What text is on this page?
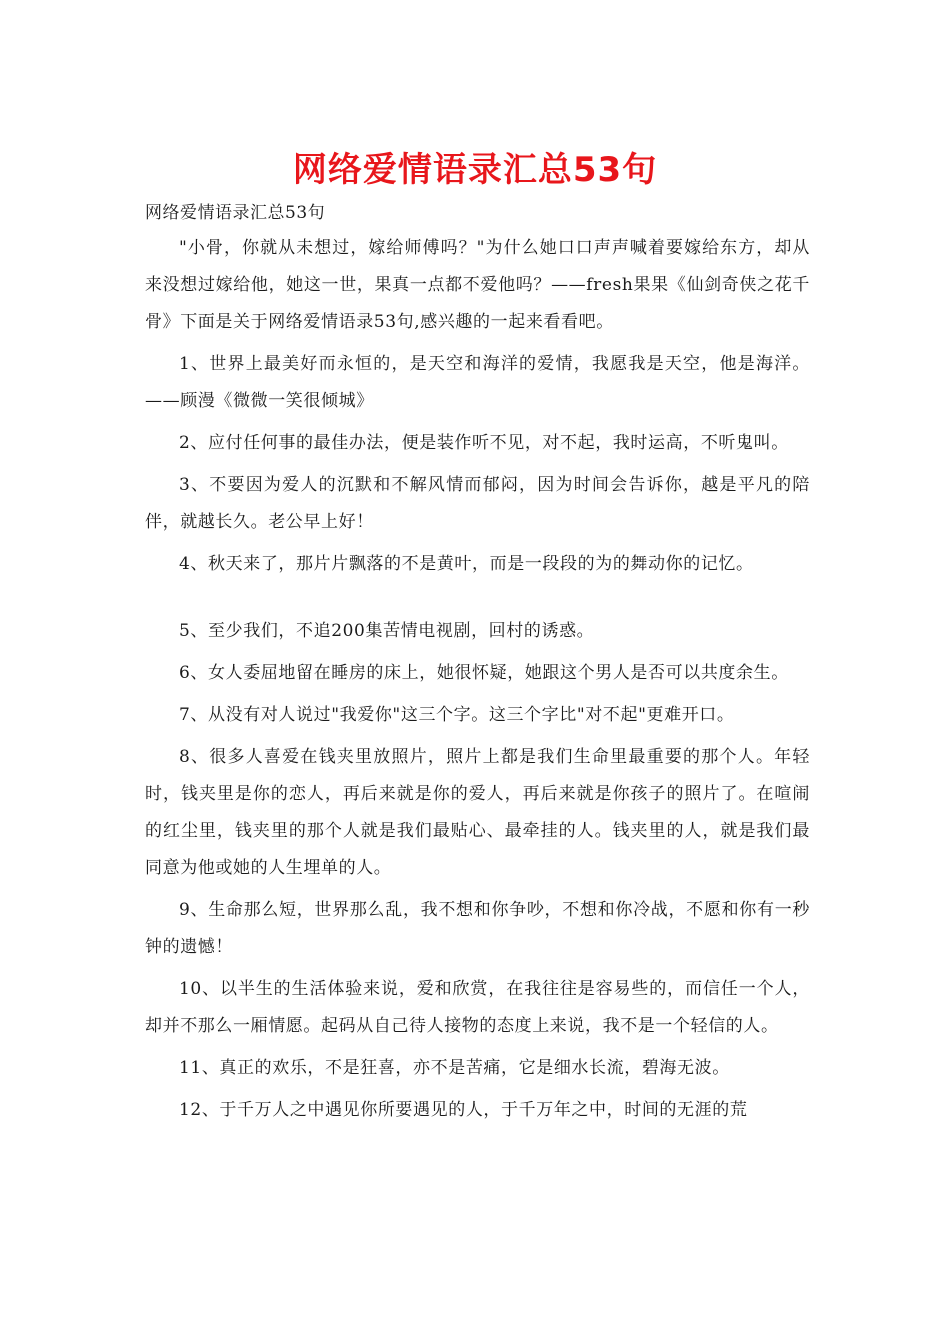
网络爱情语录汇总53句

网络爱情语录汇总53句

"小骨，你就从未想过，嫁给师傅吗？"为什么她口口声声喊着要嫁给东方，却从来没想过嫁给他，她这一世，果真一点都不爱他吗？——fresh果果《仙剑奇侠之花千骨》下面是关于网络爱情语录53句,感兴趣的一起来看看吧。

1、世界上最美好而永恒的，是天空和海洋的爱情，我愿我是天空，他是海洋。——顾漫《微微一笑很倾城》

2、应付任何事的最佳办法，便是装作听不见，对不起，我时运高，不听鬼叫。

3、不要因为爱人的沉默和不解风情而郁闷，因为时间会告诉你，越是平凡的陪伴，就越长久。老公早上好！

4、秋天来了，那片片飘落的不是黄叶，而是一段段的为的舞动你的记忆。

5、至少我们，不追200集苦情电视剧，回村的诱惑。

6、女人委屈地留在睡房的床上，她很怀疑，她跟这个男人是否可以共度余生。

7、从没有对人说过"我爱你"这三个字。这三个字比"对不起"更难开口。

8、很多人喜爱在钱夹里放照片，照片上都是我们生命里最重要的那个人。年轻时，钱夹里是你的恋人，再后来就是你的爱人，再后来就是你孩子的照片了。在喧闹的红尘里，钱夹里的那个人就是我们最贴心、最牵挂的人。钱夹里的人，就是我们最同意为他或她的人生埋单的人。

9、生命那么短，世界那么乱，我不想和你争吵，不想和你冷战，不愿和你有一秒钟的遗憾！

10、以半生的生活体验来说，爱和欣赏，在我往往是容易些的，而信任一个人，却并不那么一厢情愿。起码从自己待人接物的态度上来说，我不是一个轻信的人。

11、真正的欢乐，不是狂喜，亦不是苦痛，它是细水长流，碧海无波。

12、于千万人之中遇见你所要遇见的人，于千万年之中，时间的无涯的荒
